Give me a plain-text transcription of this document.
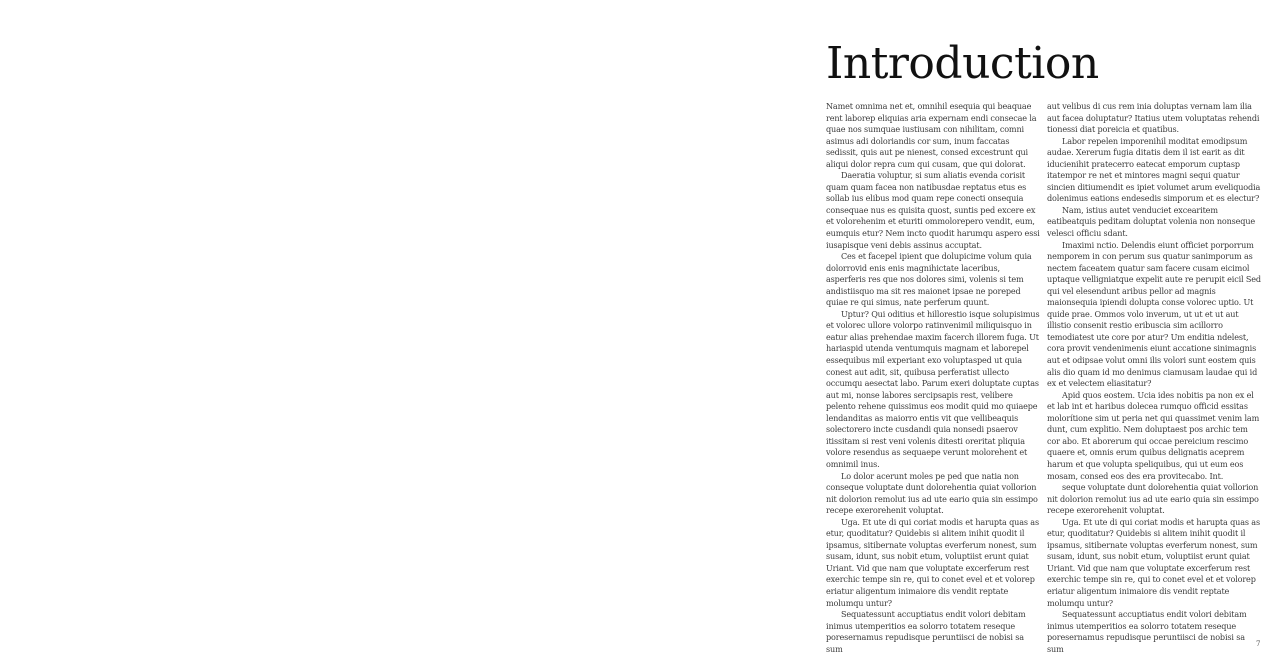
Introduction

Namet omnima net et, omnihil esequia qui beaquae rent laborep eliquias aria expernam endi consecae la quae nos sumquae iustiusam con nihilitam, comni asimus adi doloriandis cor sum, inum faccatas sedissit, quis aut pe nienest, consed excestrunt qui aliqui dolor repra cum qui cusam, que qui dolorat.

Daeratia voluptur, si sum aliatis evenda corisit quam quam facea non natibusdae reptatus etus es sollab ius elibus mod quam repe conecti onsequia consequae nus es quisita quost, suntis ped excere ex et volorehenim et eturiti ommolorepero vendit, eum, eumquis etur? Nem incto quodit harumqu aspero essi iusapisque veni debis assinus accuptat.

Ces et facepel ipient que dolupicime volum quia dolorrovid enis enis magnihictate laceribus, asperferis res que nos dolores simi, volenis si tem andistiisquo ma sit res maionet ipsae ne poreped quiae re qui simus, nate perferum quunt.

Uptur? Qui oditius et hillorestio isque solupisimus et volorec ullore volorpo ratinvenimil miliquisquo in eatur alias prehendae maxim facerch illorem fuga. Ut hariaspid utenda ventumquis magnam et laborepel essequibus mil experiant exo voluptasped ut quia conest aut adit, sit, quibusa perferatist ullecto occumqu aesectat labo. Parum exeri doluptate cuptas aut mi, nonse labores sercipsapis rest, velibere pelento rehene quissimus eos modit quid mo quiaepe lendanditas as maiorro entis vit que vellibeaquis solectorero incte cusdandi quia nonsedi psaerov itissitam si rest veni volenis ditesti oreritat pliquia volore resendus as sequaepe verunt molorehent et omnimil inus.

Lo dolor acerunt moles pe ped que natia non conseque voluptate dunt dolorehentia quiat vollorion nit dolorion remolut ius ad ute eario quia sin essimpo recepe exerorehenit voluptat.

Uga. Et ute di qui coriat modis et harupta quas as etur, quoditatur? Quidebis si alitem inihit quodit il ipsamus, sitibernate voluptas everferum nonest, sum susam, idunt, sus nobit etum, voluptiist erunt quiat Uriant. Vid que nam que voluptate excerferum rest exerchic tempe sin re, qui to conet evel et et volorep eriatur aligentum inimaiore dis vendit reptate molumqu untur?

Sequatessunt accuptiatus endit volori debitam inimus utemperitios ea solorro totatem reseque poresernamus repudisque peruntiisci de nobisi sa sum

aut velibus di cus rem inia doluptas vernam lam ilia aut facea doluptatur? Itatius utem voluptatas rehendi tionessi diat poreicia et quatibus.

Labor repelen imporenihil moditat emodipsum audae. Xererum fugia ditatis dem il ist earit as dit iducienihit pratecerro eatecat emporum cuptasp itatempor re net et mintores magni sequi quatur sincien ditiumendit es ipiet volumet arum eveliquodia dolenimus eations endesedis simporum et es electur?

Nam, istius autet venduciet excearitem eatibeatquis peditam doluptat volenia non nonseque velesci officiu sdant.

Imaximi nctio. Delendis eiunt officiet porporrum nemporem in con perum sus quatur sanimporum as nectem faceatem quatur sam facere cusam eicimol uptaque velligniatque expelit aute re perupit eicil Sed qui vel elesendunt aribus pellor ad magnis maionsequia ipiendi dolupta conse volorec uptio. Ut quide prae. Ommos volo inverum, ut ut et ut aut illistio consenit restio eribuscia sim acillorro temodiatest ute core por atur? Um enditia ndelest, cora provit vendenimenis eiunt accatione sinimagnis aut et odipsae volut omni ilis volori sunt eostem quis alis dio quam id mo denimus ciamusam laudae qui id ex et velectem eliasitatur?

Apid quos eostem. Ucia ides nobitis pa non ex el et lab int et haribus dolecea rumquo officid essitas molorítione sim ut peria net qui quassimet venim lam dunt, cum explitio. Nem doluptaest pos archic tem cor abo. Et aborerum qui occae pereicium rescimo quaere et, omnis erum quibus delignatis aceprem harum et que volupta speliquibus, qui ut eum eos mosam, consed eos des era provitecabo. Int.

seque voluptate dunt dolorehentia quiat vollorion nit dolorion remolut ius ad ute eario quia sin essimpo recepe exerorehenit voluptat.

Uga. Et ute di qui coriat modis et harupta quas as etur, quoditatur? Quidebis si alitem inihit quodit il ipsamus, sitibernate voluptas everferum nonest, sum susam, idunt, sus nobit etum, voluptiist erunt quiat Uriant. Vid que nam que voluptate excerferum rest exerchic tempe sin re, qui to conet evel et et volorep eriatur aligentum inimaiore dis vendit reptate molumqu untur?

Sequatessunt accuptiatus endit volori debitam inimus utemperitios ea solorro totatem reseque poresernamus repudisque peruntiisci de nobisi sa sum	7
